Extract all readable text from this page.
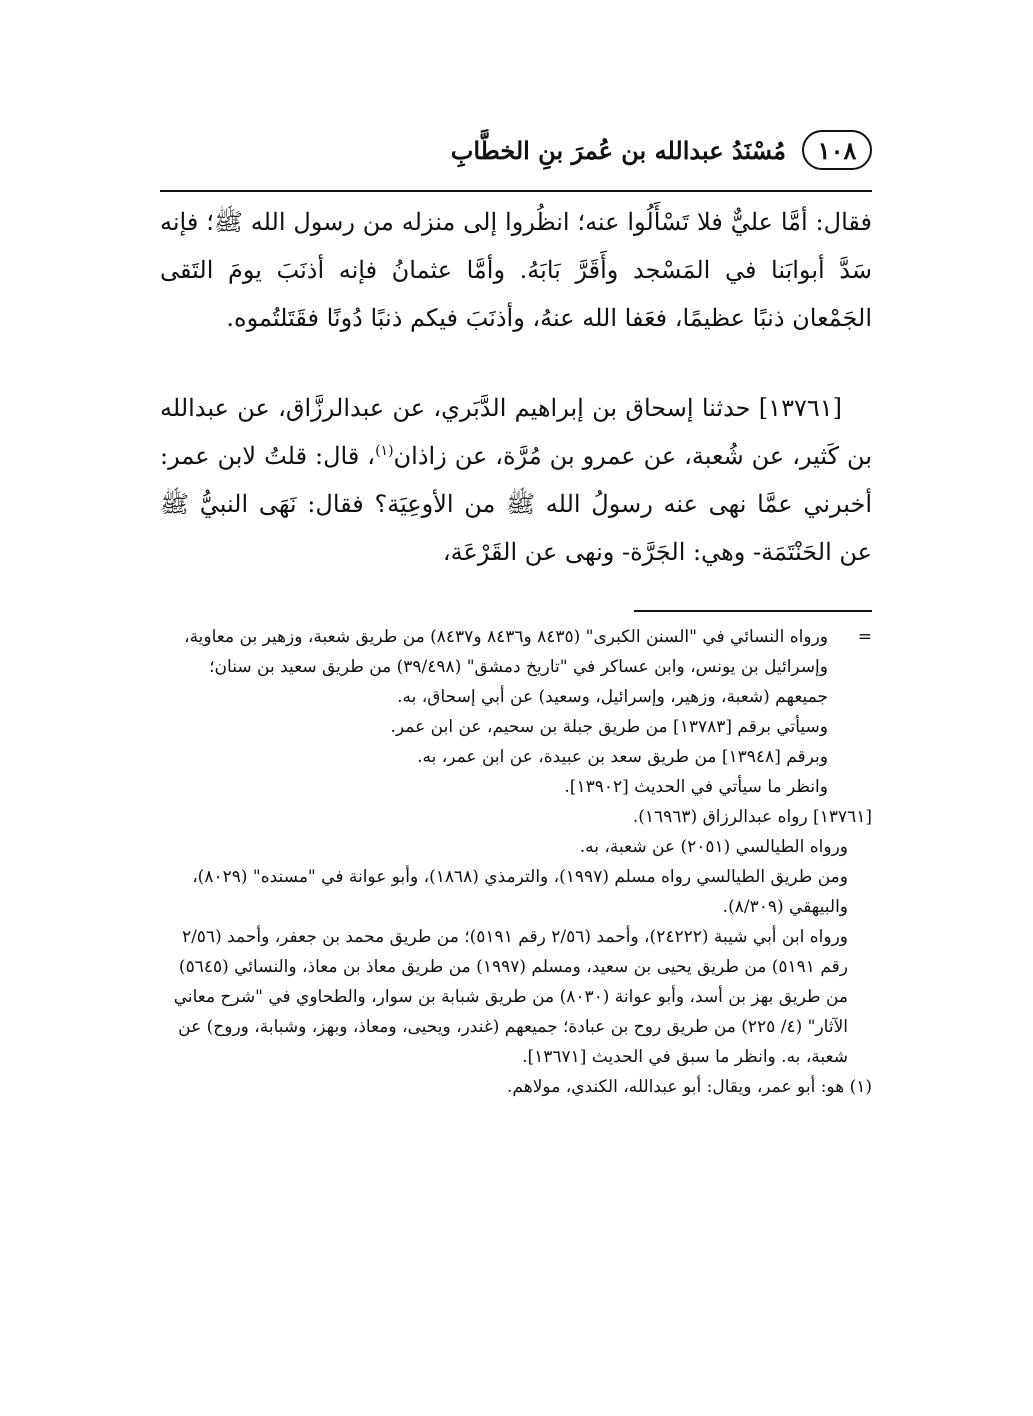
١٠٨
مُسْنَدُ عبدالله بن عُمرَ بنِ الخطَّابِ

فقال: أمَّا عليٌّ فلا تَسْأَلُوا عنه؛ انظُروا إلى منزله من رسول الله ﷺ؛ فإنه سَدَّ أبوابَنا في المَسْجد وأَقَرَّ بَابَهُ. وأمَّا عثمانُ فإنه أذنَبَ يومَ التَقى الجَمْعان ذنبًا عظيمًا، فعَفا الله عنهُ، وأذنَبَ فيكم ذنبًا دُونًا فقَتَلتُموه.

[١٣٧٦١] حدثنا إسحاق بن إبراهيم الدَّبَري، عن عبدالرزَّاق، عن عبدالله بن كَثير، عن شُعبة، عن عمرو بن مُرَّة، عن زاذان$^{(١)}$، قال: قلتُ لابن عمر: أخبرني عمَّا نهى عنه رسولُ الله ﷺ من الأوعِيَة؟ فقال: نَهَى النبيُّ ﷺ عن الحَنْتَمَة- وهي: الجَرَّة- ونهى عن القَرْعَة،

=
ورواه النسائي في "السنن الكبرى" (٨٤٣٥ و٨٤٣٦ و٨٤٣٧) من طريق شعبة، وزهير بن معاوية، وإسرائيل بن يونس، وابن عساكر في "تاريخ دمشق" (٣٩/٤٩٨) من طريق سعيد بن سنان؛ جميعهم (شعبة، وزهير، وإسرائيل، وسعيد) عن أبي إسحاق، به.

وسيأتي برقم [١٣٧٨٣] من طريق جبلة بن سحيم، عن ابن عمر.

وبرقم [١٣٩٤٨] من طريق سعد بن عبيدة، عن ابن عمر، به.

وانظر ما سيأتي في الحديث [١٣٩٠٢].

[١٣٧٦١] رواه عبدالرزاق (١٦٩٦٣).

ورواه الطيالسي (٢٠٥١) عن شعبة، به.

ومن طريق الطيالسي رواه مسلم (١٩٩٧)، والترمذي (١٨٦٨)، وأبو عوانة في "مسنده" (٨٠٢٩)، والبيهقي (٨/٣٠٩).

ورواه ابن أبي شيبة (٢٤٢٢٢)، وأحمد (٢/٥٦ رقم ٥١٩١)؛ من طريق محمد بن جعفر، وأحمد (٢/٥٦ رقم ٥١٩١) من طريق يحيى بن سعيد، ومسلم (١٩٩٧) من طريق معاذ بن معاذ، والنسائي (٥٦٤٥) من طريق بهز بن أسد، وأبو عوانة (٨٠٣٠) من طريق شبابة بن سوار، والطحاوي في "شرح معاني الآثار" (٤/ ٢٢٥) من طريق روح بن عبادة؛ جميعهم (غندر، ويحيى، ومعاذ، وبهز، وشبابة، وروح) عن شعبة، به. وانظر ما سبق في الحديث [١٣٦٧١].

(١) هو: أبو عمر، ويقال: أبو عبدالله، الكندي، مولاهم.
